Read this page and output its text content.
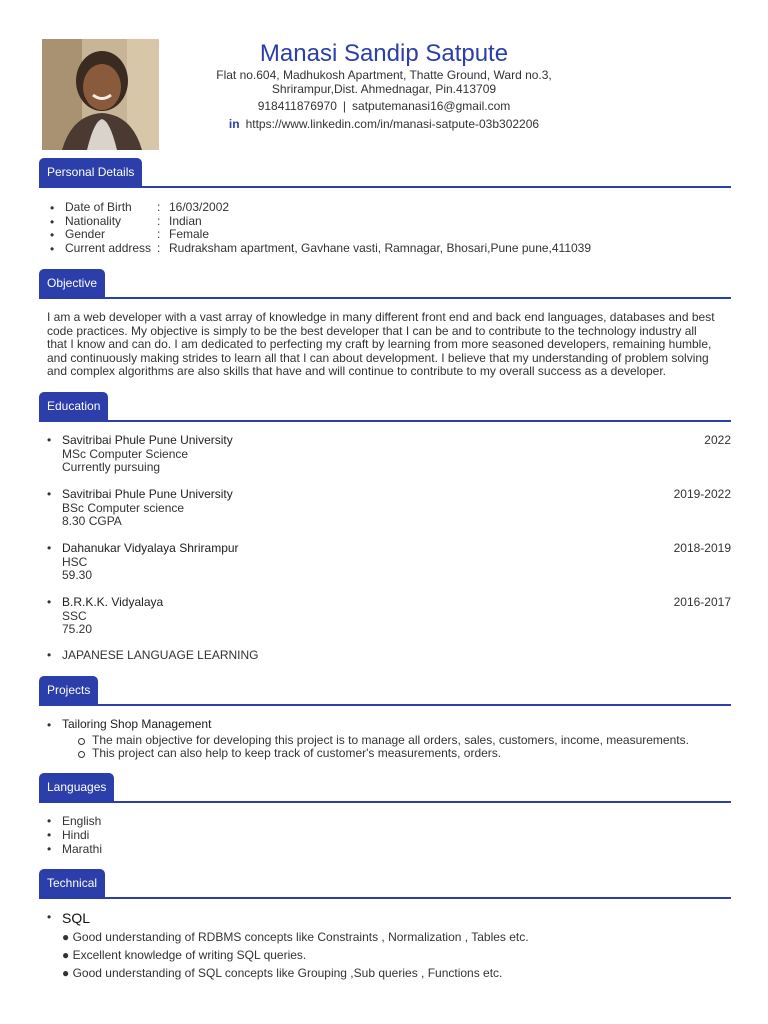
Manasi Sandip Satpute
Flat no.604, Madhukosh Apartment, Thatte Ground, Ward no.3,
Shrirampur,Dist. Ahmednagar, Pin.413709
918411876970 | satputemanasi16@gmail.com
in https://www.linkedin.com/in/manasi-satpute-03b302206
Personal Details
• Date of Birth	: 16/03/2002
• Nationality	: Indian
• Gender	: Female
• Current address : Rudraksham apartment, Gavhane vasti, Ramnagar, Bhosari,Pune pune,411039
Objective
I am a web developer with a vast array of knowledge in many different front end and back end languages, databases and best
code practices. My objective is simply to be the best developer that I can be and to contribute to the technology industry all
that I know and can do. I am dedicated to perfecting my craft by learning from more seasoned developers, remaining humble,
and continuously making strides to learn all that I can about development. I believe that my understanding of problem solving
and complex algorithms are also skills that have and will continue to contribute to my overall success as a developer.
Education
• Savitribai Phule Pune University
MSc Computer Science
Currently pursuing
2022
• Savitribai Phule Pune University
BSc Computer science
8.30 CGPA
2019-2022
• Dahanukar Vidyalaya Shrirampur
HSC
59.30
2018-2019
• B.R.K.K. Vidyalaya
SSC
75.20
2016-2017
• JAPANESE LANGUAGE LEARNING
Projects
• Tailoring Shop Management
The main objective for developing this project is to manage all orders, sales, customers, income, measurements.
This project can also help to keep track of customer's measurements, orders.
Languages
• English
• Hindi
• Marathi
Technical
• SQL
● Good understanding of RDBMS concepts like Constraints , Normalization , Tables etc.
● Excellent knowledge of writing SQL queries.
● Good understanding of SQL concepts like Grouping ,Sub queries , Functions etc.
